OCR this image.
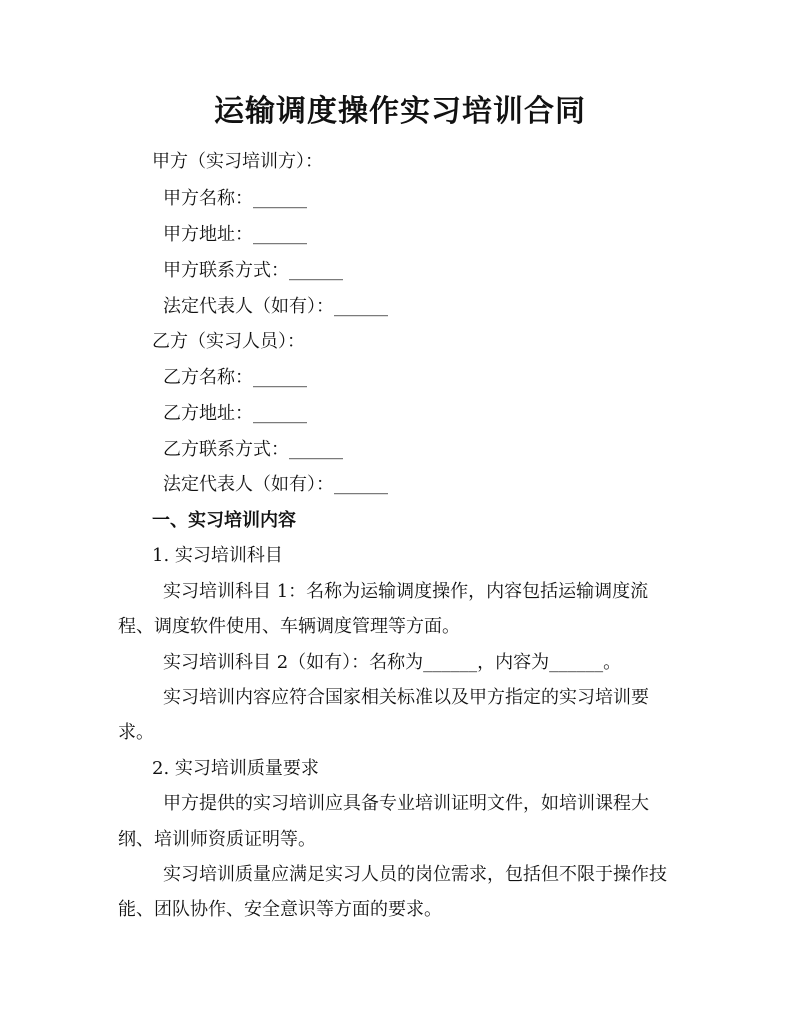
运输调度操作实习培训合同
甲方（实习培训方）：
甲方名称：______
甲方地址：______
甲方联系方式：______
法定代表人（如有）：______
乙方（实习人员）：
乙方名称：______
乙方地址：______
乙方联系方式：______
法定代表人（如有）：______
一、实习培训内容
1. 实习培训科目
实习培训科目 1：名称为运输调度操作，内容包括运输调度流
程、调度软件使用、车辆调度管理等方面。
实习培训科目 2（如有）：名称为______，内容为______。
实习培训内容应符合国家相关标准以及甲方指定的实习培训要
求。
2. 实习培训质量要求
甲方提供的实习培训应具备专业培训证明文件，如培训课程大
纲、培训师资质证明等。
实习培训质量应满足实习人员的岗位需求，包括但不限于操作技
能、团队协作、安全意识等方面的要求。
